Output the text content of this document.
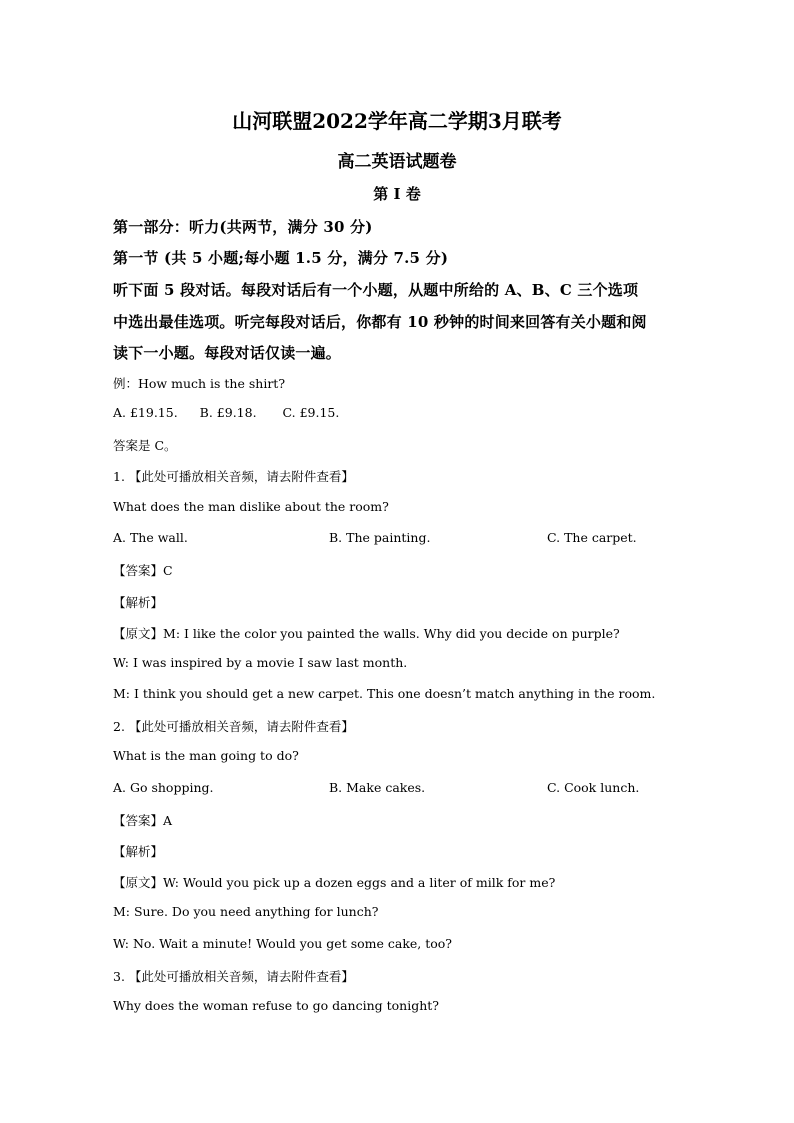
山河联盟2022学年高二学期3月联考
高二英语试题卷
第 I 卷
第一部分：听力(共两节，满分 30 分)
第一节 (共 5 小题;每小题 1.5 分，满分 7.5 分)
听下面 5 段对话。每段对话后有一个小题，从题中所给的 A、B、C 三个选项
中选出最佳选项。听完每段对话后，你都有 10 秒钟的时间来回答有关小题和阅
读下一小题。每段对话仅读一遍。
例：How much is the shirt?
A. £19.15. B. £9.18. C. £9.15.
答案是 C。
1. 【此处可播放相关音频，请去附件查看】
What does the man dislike about the room?
A. The wall.	B. The painting.	C. The carpet.
【答案】C
【解析】
【原文】M: I like the color you painted the walls. Why did you decide on purple?
W: I was inspired by a movie I saw last month.
M: I think you should get a new carpet. This one doesn’t match anything in the room.
2. 【此处可播放相关音频，请去附件查看】
What is the man going to do?
A. Go shopping.	B. Make cakes.	C. Cook lunch.
【答案】A
【解析】
【原文】W: Would you pick up a dozen eggs and a liter of milk for me?
M: Sure. Do you need anything for lunch?
W: No. Wait a minute! Would you get some cake, too?
3. 【此处可播放相关音频，请去附件查看】
Why does the woman refuse to go dancing tonight?
